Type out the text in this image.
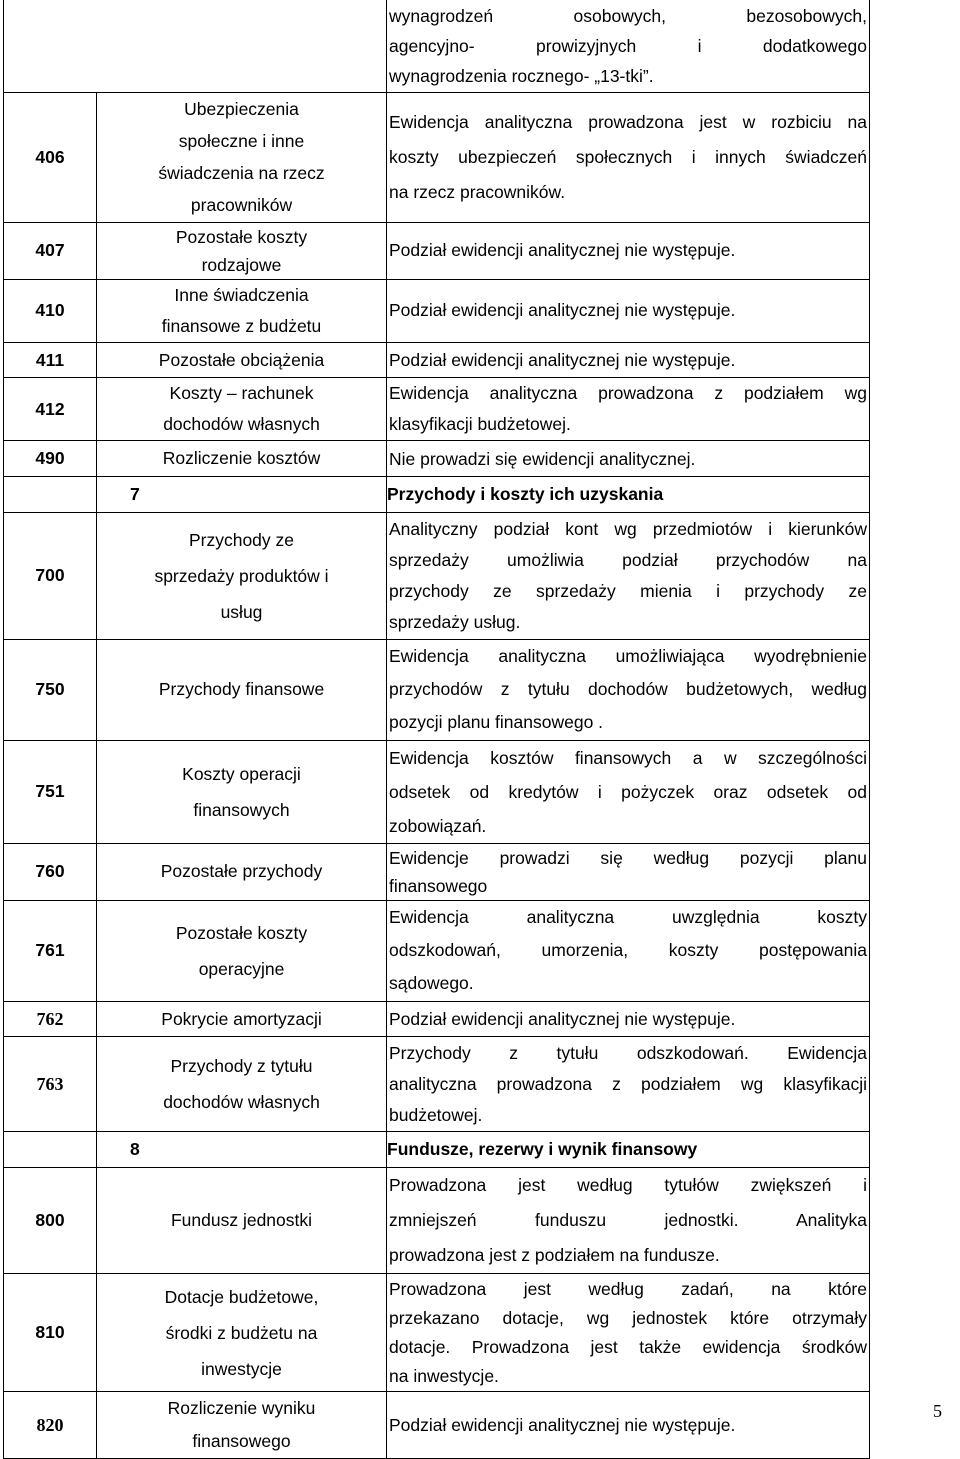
		wynagrodzeń osobowych, bezosobowych,
agencyjno- prowizyjnych i dodatkowego
wynagrodzenia rocznego- „13-tki”.

406	Ubezpieczenia
społeczne i inne
świadczenia na rzecz
pracowników	Ewidencja analityczna prowadzona jest w rozbiciu na
koszty ubezpieczeń społecznych i innych świadczeń
na rzecz pracowników.

407	Pozostałe koszty
rodzajowe	Podział ewidencji analitycznej nie występuje.

410	Inne świadczenia
finansowe z budżetu	Podział ewidencji analitycznej nie występuje.

411	Pozostałe obciążenia	Podział ewidencji analitycznej nie występuje.

412	Koszty – rachunek
dochodów własnych	Ewidencja analityczna prowadzona z podziałem wg
klasyfikacji budżetowej.

490	Rozliczenie kosztów	Nie prowadzi się ewidencji analitycznej.

	7	Przychody i koszty ich uzyskania
700	Przychody ze
sprzedaży produktów i
usług	Analityczny podział kont wg przedmiotów i kierunków
sprzedaży umożliwia podział przychodów na
przychody ze sprzedaży mienia i przychody ze
sprzedaży usług.

750	Przychody finansowe	Ewidencja analityczna umożliwiająca wyodrębnienie
przychodów z tytułu dochodów budżetowych, według
pozycji planu finansowego .

751	Koszty operacji
finansowych	Ewidencja kosztów finansowych a w szczególności
odsetek od kredytów i pożyczek oraz odsetek od
zobowiązań.

760	Pozostałe przychody	Ewidencje prowadzi się według pozycji planu
finansowego

761	Pozostałe koszty
operacyjne	Ewidencja analityczna uwzględnia koszty
odszkodowań, umorzenia, koszty postępowania
sądowego.

762	Pokrycie amortyzacji	Podział ewidencji analitycznej nie występuje.

763	Przychody z tytułu
dochodów własnych	Przychody z tytułu odszkodowań. Ewidencja
analityczna prowadzona z podziałem wg klasyfikacji
budżetowej.

	8	Fundusze, rezerwy i wynik finansowy
800	Fundusz jednostki	Prowadzona jest według tytułów zwiększeń i
zmniejszeń funduszu jednostki. Analityka
prowadzona jest z podziałem na fundusze.

810	Dotacje budżetowe,
środki z budżetu na
inwestycje	Prowadzona jest według zadań, na które
przekazano dotacje, wg jednostek które otrzymały
dotacje. Prowadzona jest także ewidencja środków
na inwestycje.

820	Rozliczenie wyniku
finansowego	Podział ewidencji analitycznej nie występuje.
5
